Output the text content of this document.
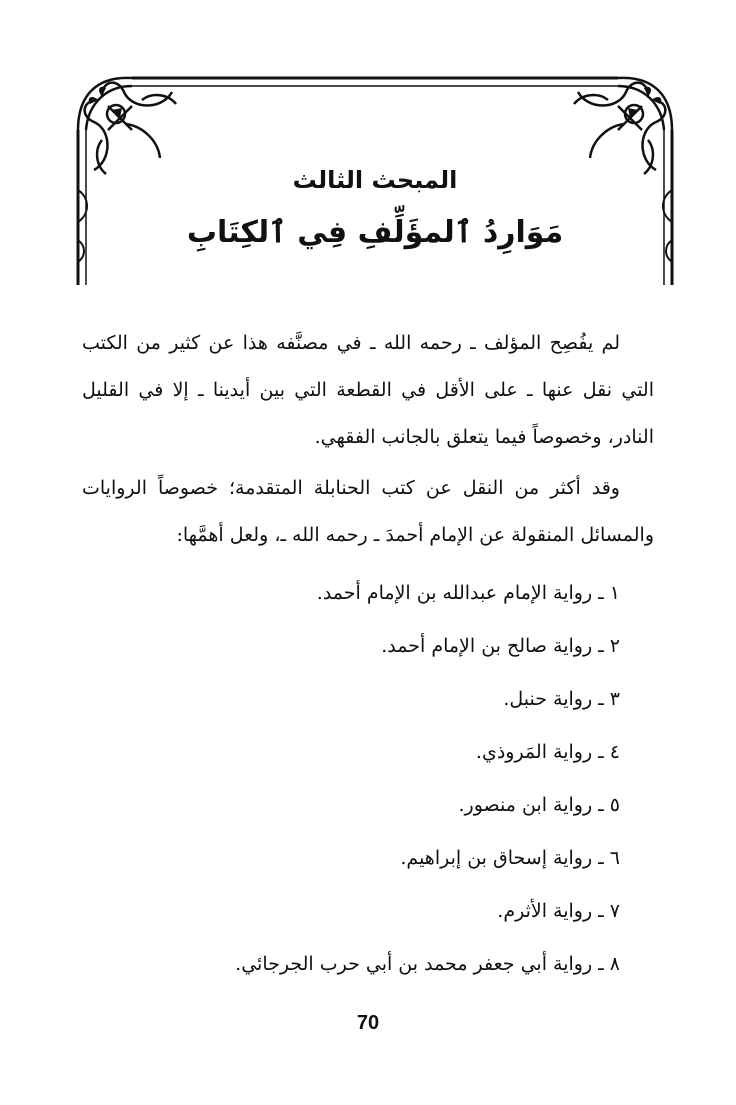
المبحث الثالث
مَوَارِدُ ٱلمؤَلِّفِ فِي ٱلكِتَابِ

لم يفُصِح المؤلف ـ رحمه الله ـ في مصنَّفه هذا عن كثير من الكتب التي نقل عنها ـ على الأقل في القطعة التي بين أيدينا ـ إلا في القليل النادر، وخصوصاً فيما يتعلق بالجانب الفقهي.

وقد أكثر من النقل عن كتب الحنابلة المتقدمة؛ خصوصاً الروايات والمسائل المنقولة عن الإمام أحمدَ ـ رحمه الله ـ، ولعل أهمَّها:

١ ـ رواية الإمام عبدالله بن الإمام أحمد.
٢ ـ رواية صالح بن الإمام أحمد.
٣ ـ رواية حنبل.
٤ ـ رواية المَروذي.
٥ ـ رواية ابن منصور.
٦ ـ رواية إسحاق بن إبراهيم.
٧ ـ رواية الأثرم.
٨ ـ رواية أبي جعفر محمد بن أبي حرب الجرجائي.
70
